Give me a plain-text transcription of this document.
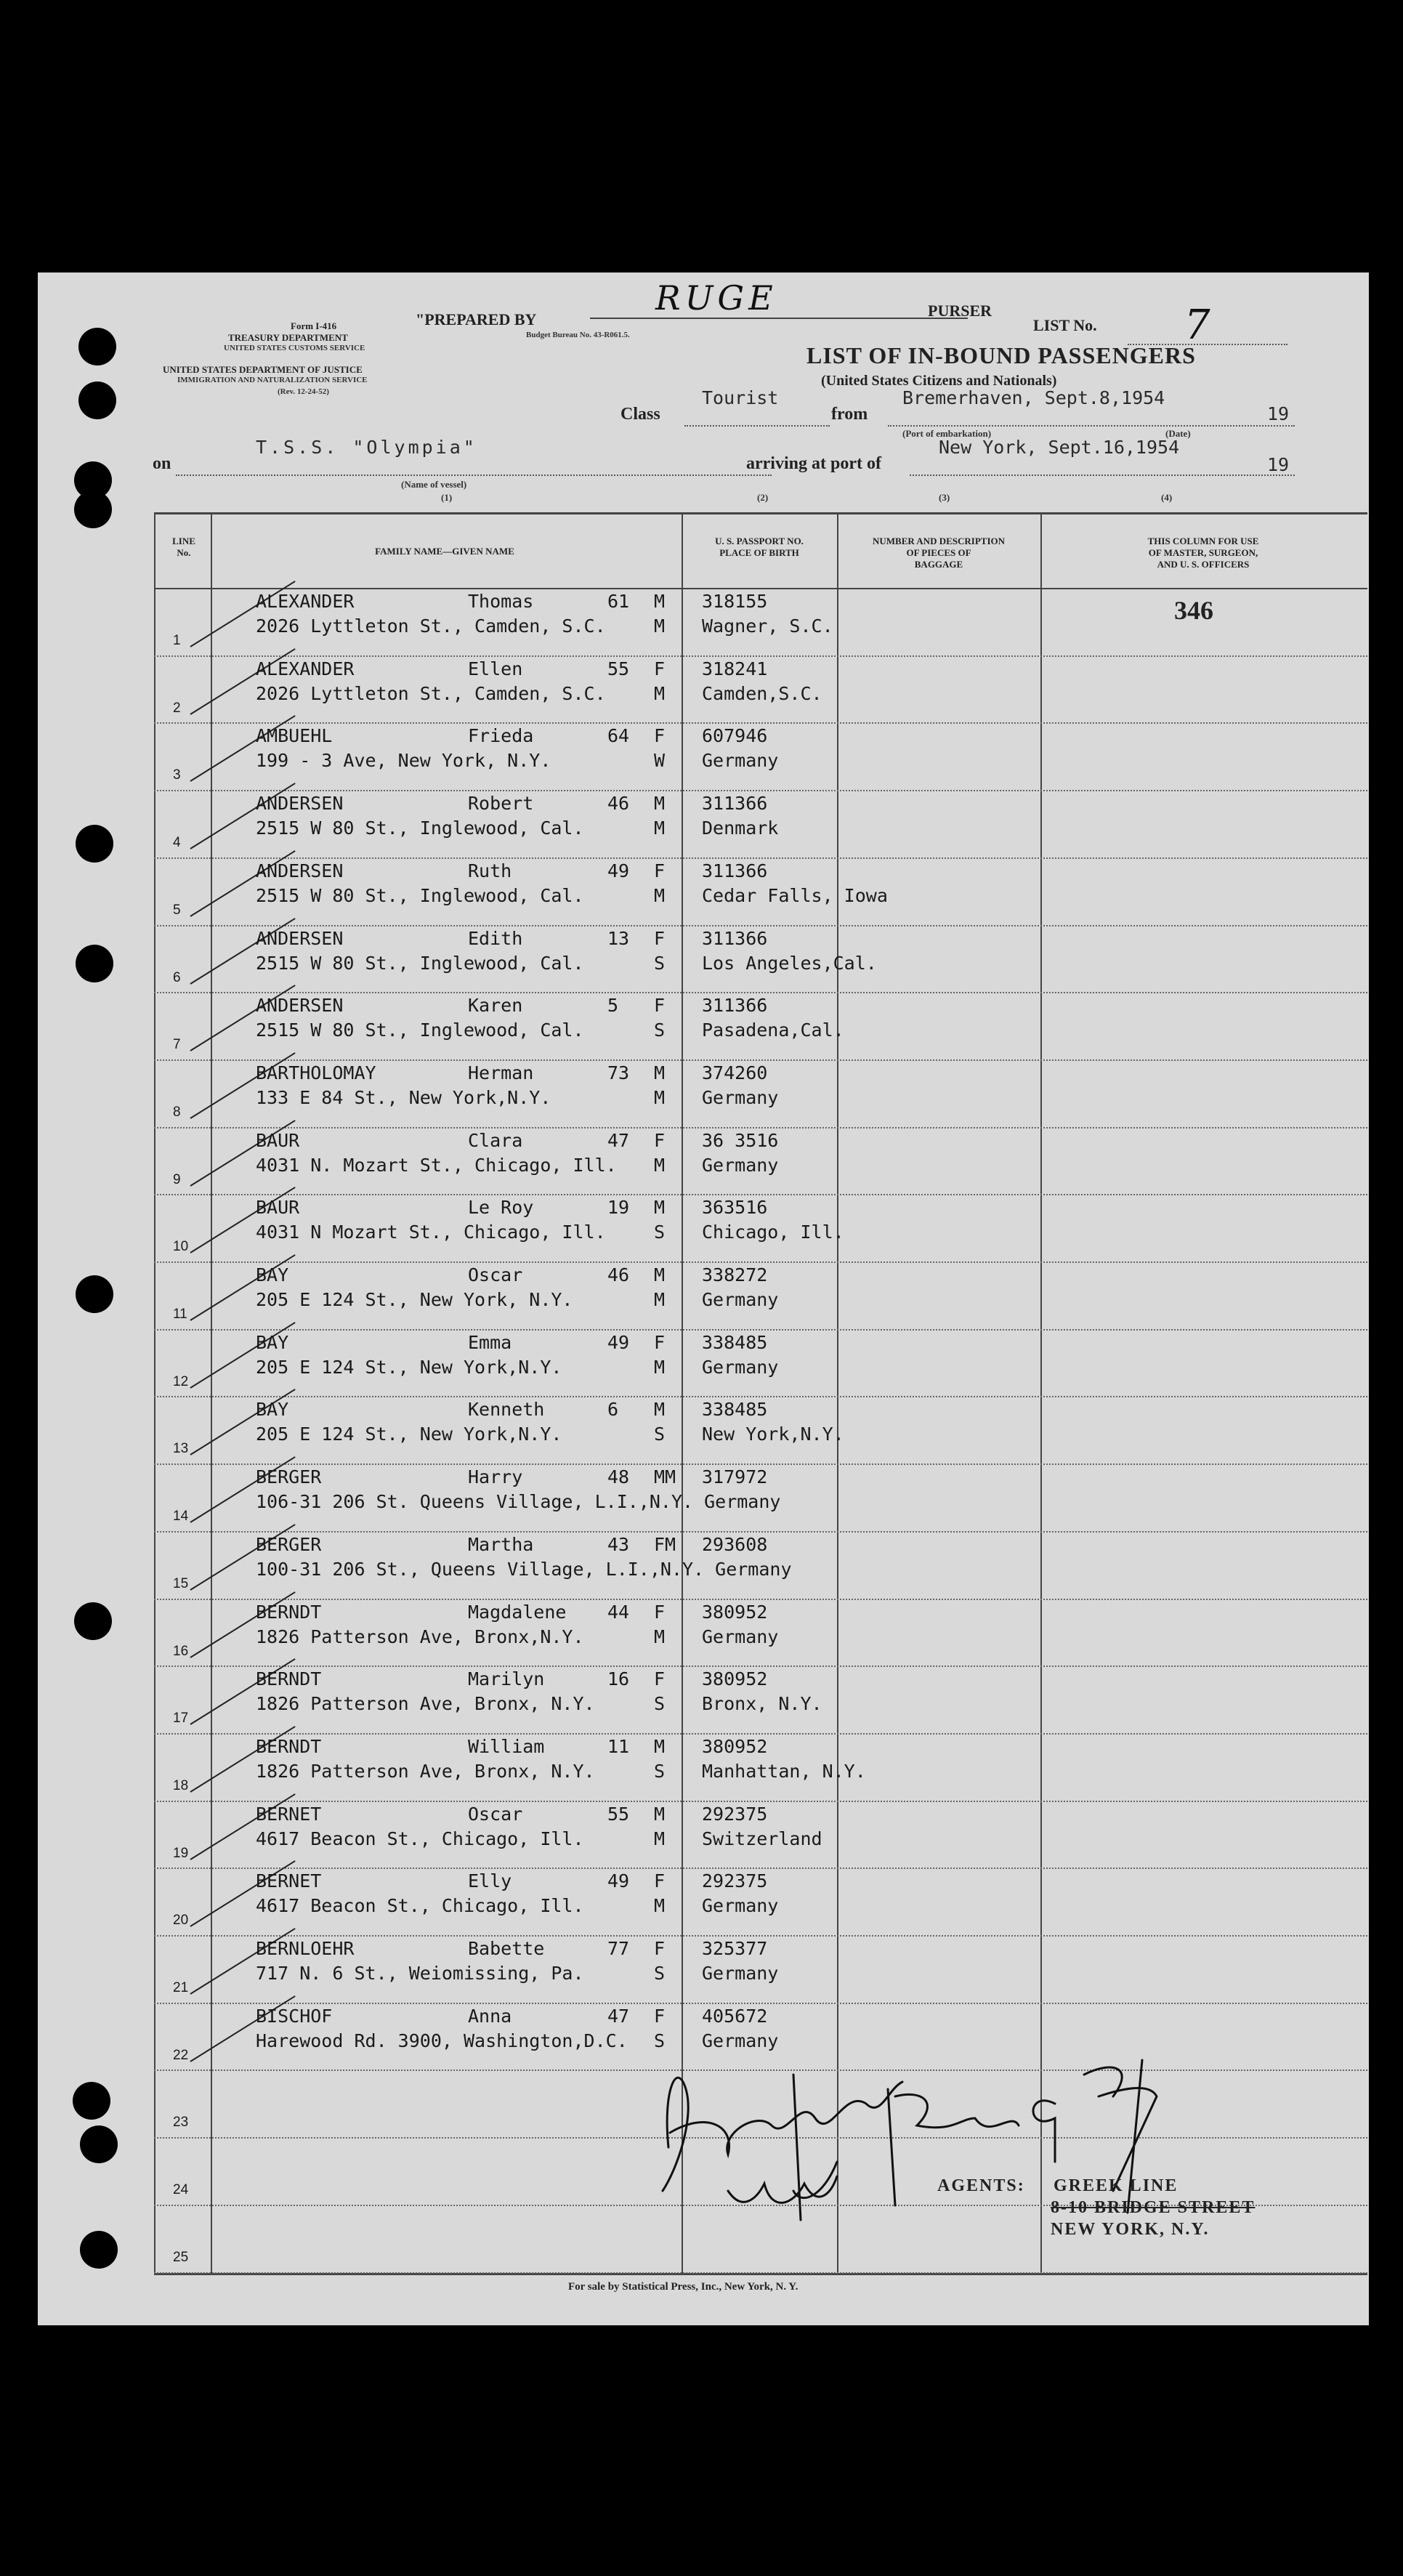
Form I-416
TREASURY DEPARTMENT
UNITED STATES CUSTOMS SERVICE
UNITED STATES DEPARTMENT OF JUSTICE
IMMIGRATION AND NATURALIZATION SERVICE
(Rev. 12-24-52)
"PREPARED BY
Budget Bureau No. 43-R061.5.
RUGE	PURSER
LIST No. 7
LIST OF IN-BOUND PASSENGERS
(United States Citizens and Nationals)
Class
Tourist
from
Bremerhaven, Sept.8,1954
19
(Port of embarkation)	(Date)
on
T.S.S. "Olympia"
(Name of vessel)
arriving at port of
New York, Sept.16,1954
19
(1)	(2)	(3)	(4)
LINE
No.	FAMILY NAME—GIVEN NAME
U. S. PASSPORT NO.
PLACE OF BIRTH
NUMBER AND DESCRIPTION
OF PIECES OF
BAGGAGE
THIS COLUMN FOR USE
OF MASTER, SURGEON,
AND U. S. OFFICERS
346
1
ALEXANDER	Thomas	61 M
2026 Lyttleton St., Camden, S.C.	M
318155
Wagner, S.C.
2
ALEXANDER	Ellen	55 F
2026 Lyttleton St., Camden, S.C.	M
318241
Camden,S.C.
3
AMBUEHL	Frieda	64 F
199 - 3 Ave, New York, N.Y.	W
607946
Germany
4
ANDERSEN	Robert	46 M
2515 W 80 St., Inglewood, Cal.	M
311366
Denmark
5
ANDERSEN	Ruth	49 F
2515 W 80 St., Inglewood, Cal.	M
311366
Cedar Falls, Iowa
6
ANDERSEN	Edith	13 F
2515 W 80 St., Inglewood, Cal.	S
311366
Los Angeles,Cal.
7
ANDERSEN	Karen	5 F
2515 W 80 St., Inglewood, Cal.	S
311366
Pasadena,Cal.
8
BARTHOLOMAY	Herman	73 M
133 E 84 St., New York,N.Y.	M
374260
Germany
9
BAUR	Clara	47 F
4031 N. Mozart St., Chicago, Ill. M
36 3516
Germany
10
BAUR	Le Roy	19 M
4031 N Mozart St., Chicago, Ill.	S
363516
Chicago, Ill.
11
BAY	Oscar	46 M
205 E 124 St., New York, N.Y.	M
338272
Germany
12
BAY	Emma	49 F
205 E 124 St., New York,N.Y.	M
338485
Germany
13
BAY	Kenneth	6 M
205 E 124 St., New York,N.Y.	S
338485
New York,N.Y.
14
BERGER	Harry	48 MM
106-31 206 St. Queens Village, L.I.,N.Y. Germany
317972
15
BERGER	Martha	43 FM
100-31 206 St., Queens Village, L.I.,N.Y. Germany
293608
16
BERNDT	Magdalene 44 F
1826 Patterson Ave, Bronx,N.Y.	M
380952
Germany
17
BERNDT	Marilyn	16 F
1826 Patterson Ave, Bronx, N.Y.	S
380952
Bronx, N.Y.
18
BERNDT	William	11 M
1826 Patterson Ave, Bronx, N.Y.	S
380952
Manhattan, N.Y.
19
BERNET	Oscar	55 M
4617 Beacon St., Chicago, Ill.	M
292375
Switzerland
20
BERNET	Elly	49 F
4617 Beacon St., Chicago, Ill.	M
292375
Germany
21
BERNLOEHR	Babette	77 F
717 N. 6 St., Weiomissing, Pa.	S
325377
Germany
22
BISCHOF	Anna	47 F
Harewood Rd. 3900, Washington,D.C. S
405672
Germany
23
24
25
AGENTS: GREEK LINE
8-10 BRIDGE STREET
NEW YORK, N.Y.
For sale by Statistical Press, Inc., New York, N. Y.
